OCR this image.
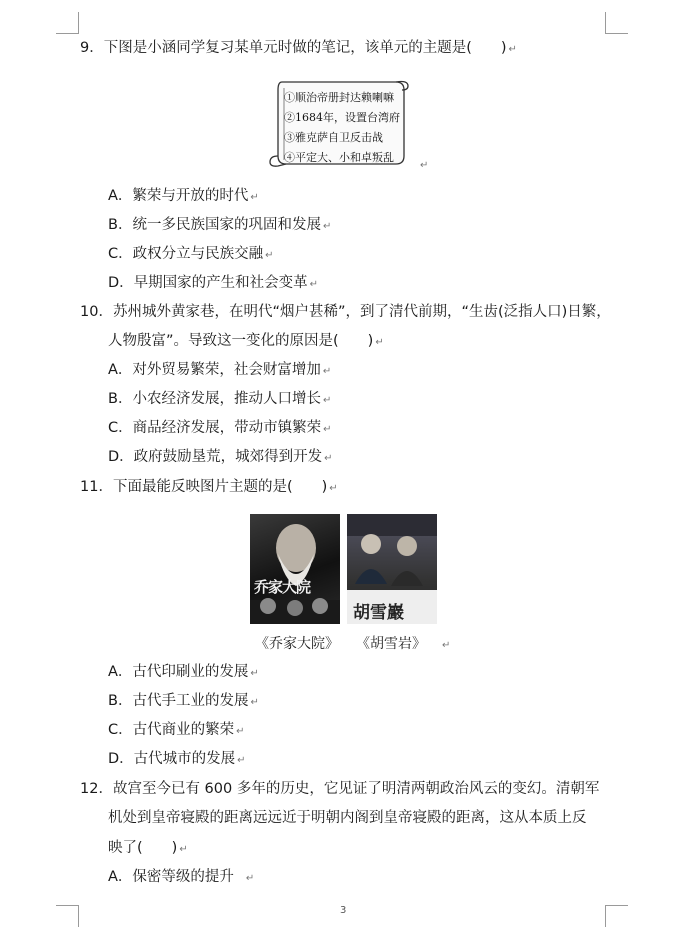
9．下图是小涵同学复习某单元时做的笔记，该单元的主题是(　　) ↵
①顺治帝册封达赖喇嘛
②1684年，设置台湾府
③雅克萨自卫反击战
④平定大、小和卓叛乱
↵
A．繁荣与开放的时代 ↵
B．统一多民族国家的巩固和发展 ↵
C．政权分立与民族交融 ↵
D．早期国家的产生和社会变革 ↵
10．苏州城外黄家巷，在明代“烟户甚稀”，到了清代前期，“生齿(泛指人口)日繁，
人物殷富”。导致这一变化的原因是(　　) ↵
A．对外贸易繁荣，社会财富增加 ↵
B．小农经济发展，推动人口增长 ↵
C．商品经济发展，带动市镇繁荣 ↵
D．政府鼓励垦荒，城郊得到开发 ↵
11．下面最能反映图片主题的是(　　) ↵
乔家大院
胡雪巖
《乔家大院》 《胡雪岩》 ↵
A．古代印刷业的发展 ↵
B．古代手工业的发展 ↵
C．古代商业的繁荣 ↵
D．古代城市的发展 ↵
12．故宫至今已有 600 多年的历史，它见证了明清两朝政治风云的变幻。清朝军
机处到皇帝寝殿的距离远远近于明朝内阁到皇帝寝殿的距离，这从本质上反
映了(　　) ↵
A．保密等级的提升 ↵
3
